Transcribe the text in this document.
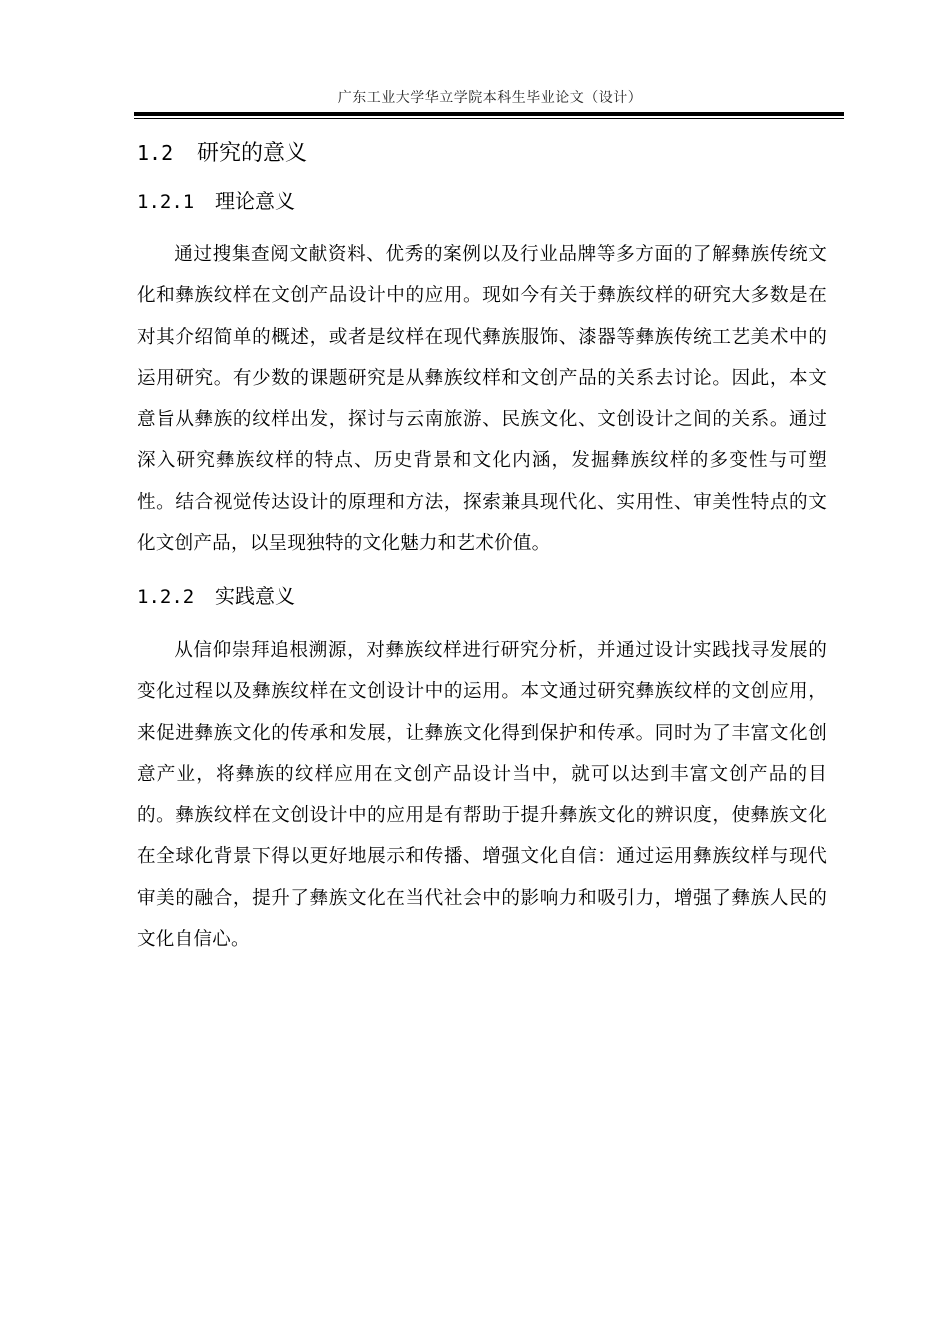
广东工业大学华立学院本科生毕业论文（设计）
1.2 研究的意义
1.2.1 理论意义

通过搜集查阅文献资料、优秀的案例以及行业品牌等多方面的了解彝族传统文化和彝族纹样在文创产品设计中的应用。现如今有关于彝族纹样的研究大多数是在对其介绍简单的概述，或者是纹样在现代彝族服饰、漆器等彝族传统工艺美术中的运用研究。有少数的课题研究是从彝族纹样和文创产品的关系去讨论。因此，本文意旨从彝族的纹样出发，探讨与云南旅游、民族文化、文创设计之间的关系。通过深入研究彝族纹样的特点、历史背景和文化内涵，发掘彝族纹样的多变性与可塑性。结合视觉传达设计的原理和方法，探索兼具现代化、实用性、审美性特点的文化文创产品，以呈现独特的文化魅力和艺术价值。

1.2.2 实践意义

从信仰崇拜追根溯源，对彝族纹样进行研究分析，并通过设计实践找寻发展的变化过程以及彝族纹样在文创设计中的运用。本文通过研究彝族纹样的文创应用，来促进彝族文化的传承和发展，让彝族文化得到保护和传承。同时为了丰富文化创意产业，将彝族的纹样应用在文创产品设计当中，就可以达到丰富文创产品的目的。彝族纹样在文创设计中的应用是有帮助于提升彝族文化的辨识度，使彝族文化在全球化背景下得以更好地展示和传播、增强文化自信：通过运用彝族纹样与现代审美的融合，提升了彝族文化在当代社会中的影响力和吸引力，增强了彝族人民的文化自信心。
